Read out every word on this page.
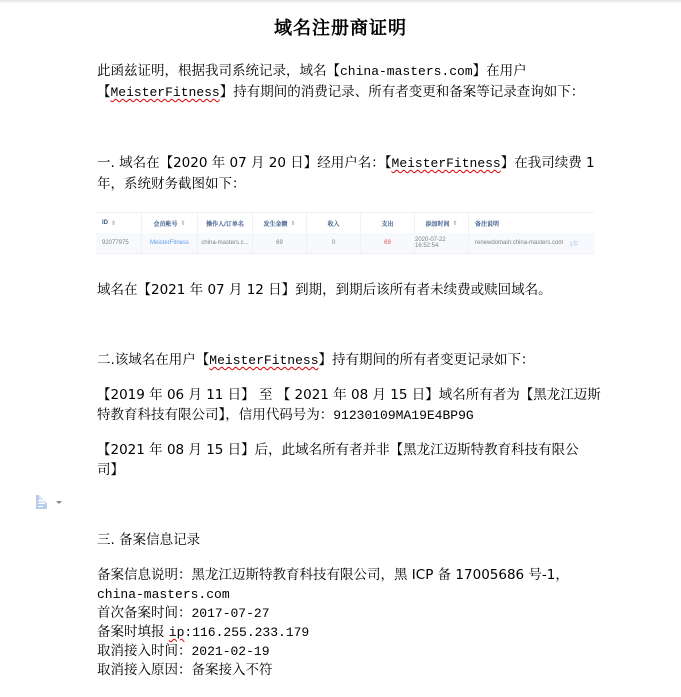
域名注册商证明
此函兹证明，根据我司系统记录，域名【china-masters.com】在用户
【MeisterFitness】持有期间的消费记录、所有者变更和备案等记录查询如下：
一. 域名在【2020 年 07 月 20 日】经用户名：【MeisterFitness】在我司续费 1
年，系统财务截图如下：
ID ⇕	会员帐号 ⇕	操作人/订单名	发生金额 ⇕	收入	支出	添加时间 ⇕	备注说明
92077975	MeisterFitness	china-masters.c...	69	0	69	2020-07-22 16:52:54	renewdomain:china-masters.com 1年
域名在【2021 年 07 月 12 日】到期，到期后该所有者未续费或赎回域名。
二.该域名在用户【MeisterFitness】持有期间的所有者变更记录如下：
【2019 年 06 月 11 日】 至 【 2021 年 08 月 15 日】域名所有者为【黑龙江迈斯
特教育科技有限公司】，信用代码号为：91230109MA19E4BP9G
【2021 年 08 月 15 日】后，此域名所有者并非【黑龙江迈斯特教育科技有限公
司】
三. 备案信息记录
备案信息说明：黑龙江迈斯特教育科技有限公司，黑 ICP 备 17005686 号-1，
china-masters.com
首次备案时间：2017-07-27
备案时填报 ip:116.255.233.179
取消接入时间：2021-02-19
取消接入原因：备案接入不符
